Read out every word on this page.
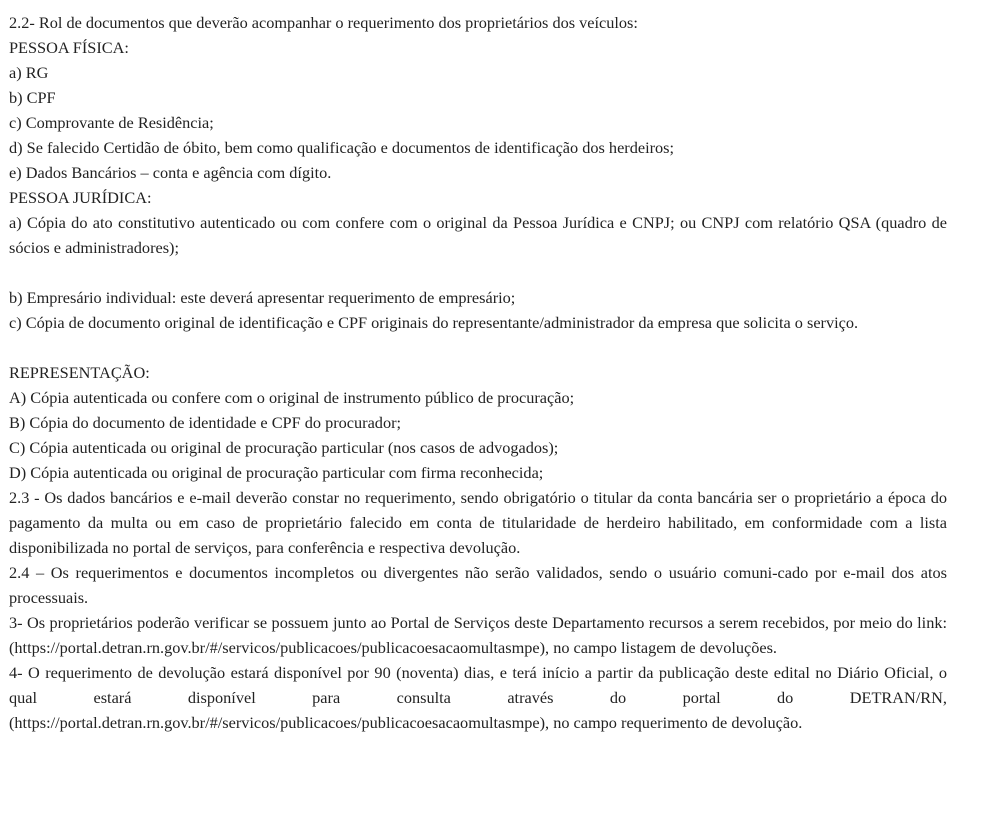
2.2- Rol de documentos que deverão acompanhar o requerimento dos proprietários dos veículos:
PESSOA FÍSICA:
a) RG
b) CPF
c) Comprovante de Residência;
d) Se falecido Certidão de óbito, bem como qualificação e documentos de identificação dos herdeiros;
e) Dados Bancários – conta e agência com dígito.
PESSOA JURÍDICA:
a) Cópia do ato constitutivo autenticado ou com confere com o original da Pessoa Jurídica e CNPJ; ou CNPJ com relatório QSA (quadro de sócios e administradores);
b) Empresário individual: este deverá apresentar requerimento de empresário;
c) Cópia de documento original de identificação e CPF originais do representante/administrador da empresa que solicita o serviço.
REPRESENTAÇÃO:
A) Cópia autenticada ou confere com o original de instrumento público de procuração;
B) Cópia do documento de identidade e CPF do procurador;
C) Cópia autenticada ou original de procuração particular (nos casos de advogados);
D) Cópia autenticada ou original de procuração particular com firma reconhecida;
2.3 - Os dados bancários e e-mail deverão constar no requerimento, sendo obrigatório o titular da conta bancária ser o proprietário a época do pagamento da multa ou em caso de proprietário falecido em conta de titularidade de herdeiro habilitado, em conformidade com a lista disponibilizada no portal de serviços, para conferência e respectiva devolução.
2.4 – Os requerimentos e documentos incompletos ou divergentes não serão validados, sendo o usuário comuni-cado por e-mail dos atos processuais.
3- Os proprietários poderão verificar se possuem junto ao Portal de Serviços deste Departamento recursos a serem recebidos, por meio do link: (https://portal.detran.rn.gov.br/#/servicos/publicacoes/publicacoesacaomultasmpe), no campo listagem de devoluções.
4- O requerimento de devolução estará disponível por 90 (noventa) dias, e terá início a partir da publicação deste edital no Diário Oficial, o qual estará disponível para consulta através do portal do DETRAN/RN, (https://portal.detran.rn.gov.br/#/servicos/publicacoes/publicacoesacaomultasmpe), no campo requerimento de devolução.
